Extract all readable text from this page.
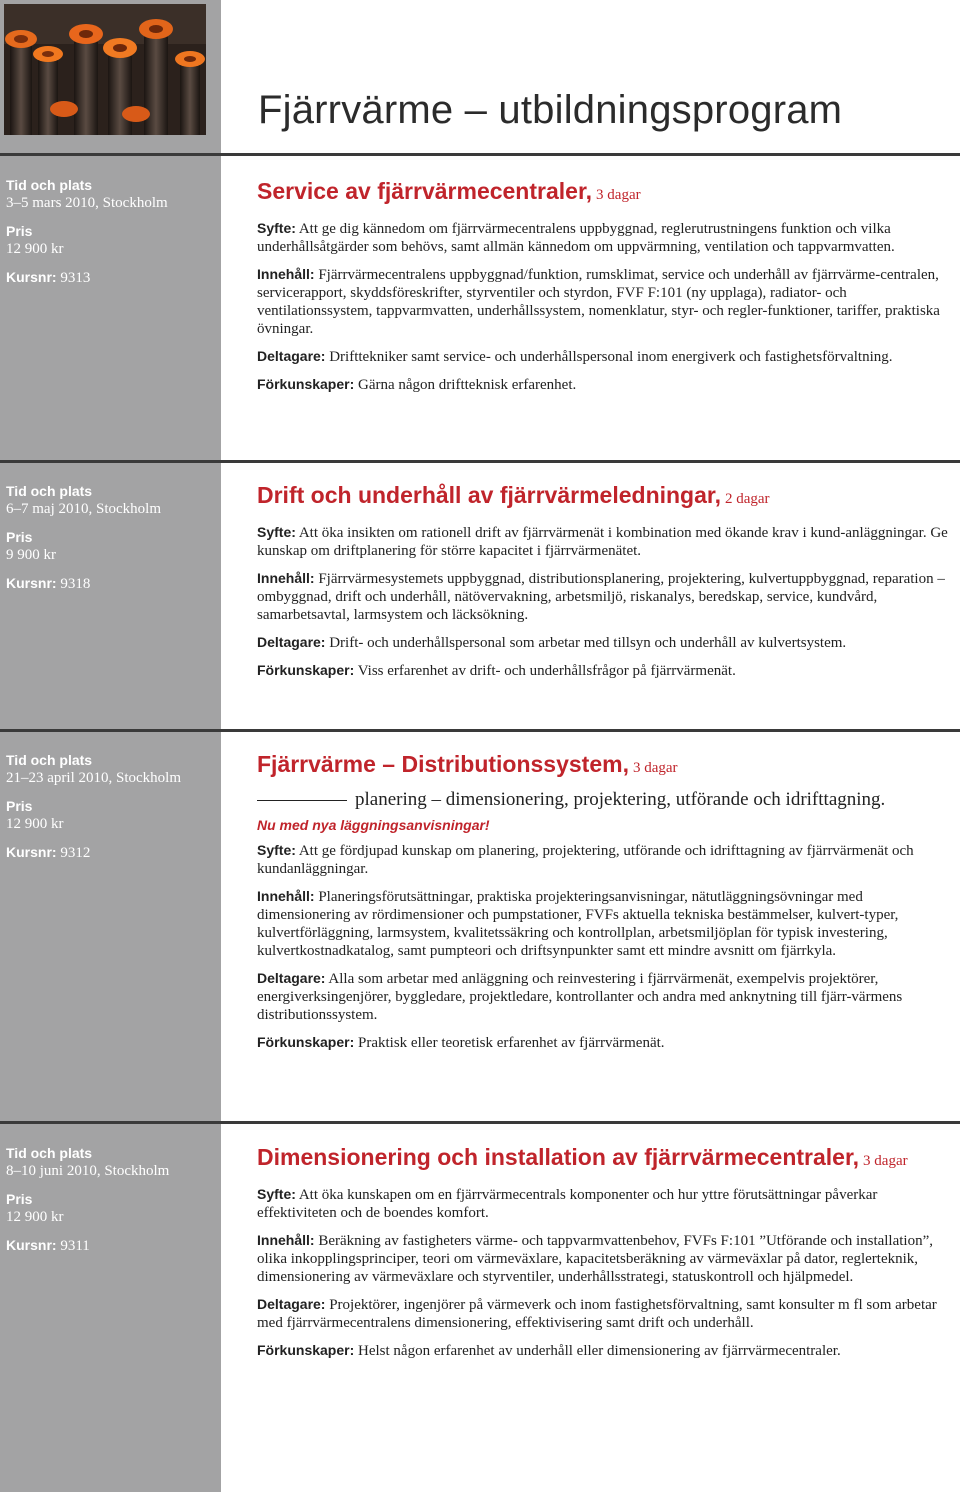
Fjärrvärme – utbildningsprogram
Tid och plats
3–5 mars 2010, Stockholm
Pris
12 900 kr
Kursnr: 9313
Service av fjärrvärmecentraler, 3 dagar

Syfte: Att ge dig kännedom om fjärrvärmecentralens uppbyggnad, reglerutrustningens funktion och vilka underhållsåtgärder som behövs, samt allmän kännedom om uppvärmning, ventilation och tappvarmvatten.

Innehåll: Fjärrvärmecentralens uppbyggnad/funktion, rumsklimat, service och underhåll av fjärrvärme-centralen, servicerapport, skyddsföreskrifter, styrventiler och styrdon, FVF F:101 (ny upplaga), radiator- och ventilationssystem, tappvarmvatten, underhållssystem, nomenklatur, styr- och regler-funktioner, tariffer, praktiska övningar.

Deltagare: Drifttekniker samt service- och underhållspersonal inom energiverk och fastighetsförvaltning.

Förkunskaper: Gärna någon driftteknisk erfarenhet.

Tid och plats
6–7 maj 2010, Stockholm
Pris
9 900 kr
Kursnr: 9318
Drift och underhåll av fjärrvärmeledningar, 2 dagar

Syfte: Att öka insikten om rationell drift av fjärrvärmenät i kombination med ökande krav i kund-anläggningar. Ge kunskap om driftplanering för större kapacitet i fjärrvärmenätet.

Innehåll: Fjärrvärmesystemets uppbyggnad, distributionsplanering, projektering, kulvertuppbyggnad, reparation – ombyggnad, drift och underhåll, nätövervakning, arbetsmiljö, riskanalys, beredskap, service, kundvård, samarbetsavtal, larmsystem och läcksökning.

Deltagare: Drift- och underhållspersonal som arbetar med tillsyn och underhåll av kulvertsystem.

Förkunskaper: Viss erfarenhet av drift- och underhållsfrågor på fjärrvärmenät.

Tid och plats
21–23 april 2010, Stockholm
Pris
12 900 kr
Kursnr: 9312
Fjärrvärme – Distributionssystem, 3 dagar
planering – dimensionering, projektering, utförande och idrifttagning.
Nu med nya läggningsanvisningar!

Syfte: Att ge fördjupad kunskap om planering, projektering, utförande och idrifttagning av fjärrvärmenät och kundanläggningar.

Innehåll: Planeringsförutsättningar, praktiska projekteringsanvisningar, nätutläggningsövningar med dimensionering av rördimensioner och pumpstationer, FVFs aktuella tekniska bestämmelser, kulvert-typer, kulvertförläggning, larmsystem, kvalitetssäkring och kontrollplan, arbetsmiljöplan för typisk investering, kulvertkostnadkatalog, samt pumpteori och driftsynpunkter samt ett mindre avsnitt om fjärrkyla.

Deltagare: Alla som arbetar med anläggning och reinvestering i fjärrvärmenät, exempelvis projektörer, energiverksingenjörer, byggledare, projektledare, kontrollanter och andra med anknytning till fjärr-värmens distributionssystem.

Förkunskaper: Praktisk eller teoretisk erfarenhet av fjärrvärmenät.

Tid och plats
8–10 juni 2010, Stockholm
Pris
12 900 kr
Kursnr: 9311
Dimensionering och installation av fjärrvärmecentraler, 3 dagar

Syfte: Att öka kunskapen om en fjärrvärmecentrals komponenter och hur yttre förutsättningar påverkar effektiviteten och de boendes komfort.

Innehåll: Beräkning av fastigheters värme- och tappvarmvattenbehov, FVFs F:101 ”Utförande och installation”, olika inkopplingsprinciper, teori om värmeväxlare, kapacitetsberäkning av värmeväxlar på dator, reglerteknik, dimensionering av värmeväxlare och styrventiler, underhållsstrategi, statuskontroll och hjälpmedel.

Deltagare: Projektörer, ingenjörer på värmeverk och inom fastighetsförvaltning, samt konsulter m fl som arbetar med fjärrvärmecentralens dimensionering, effektivisering samt drift och underhåll.

Förkunskaper: Helst någon erfarenhet av underhåll eller dimensionering av fjärrvärmecentraler.
